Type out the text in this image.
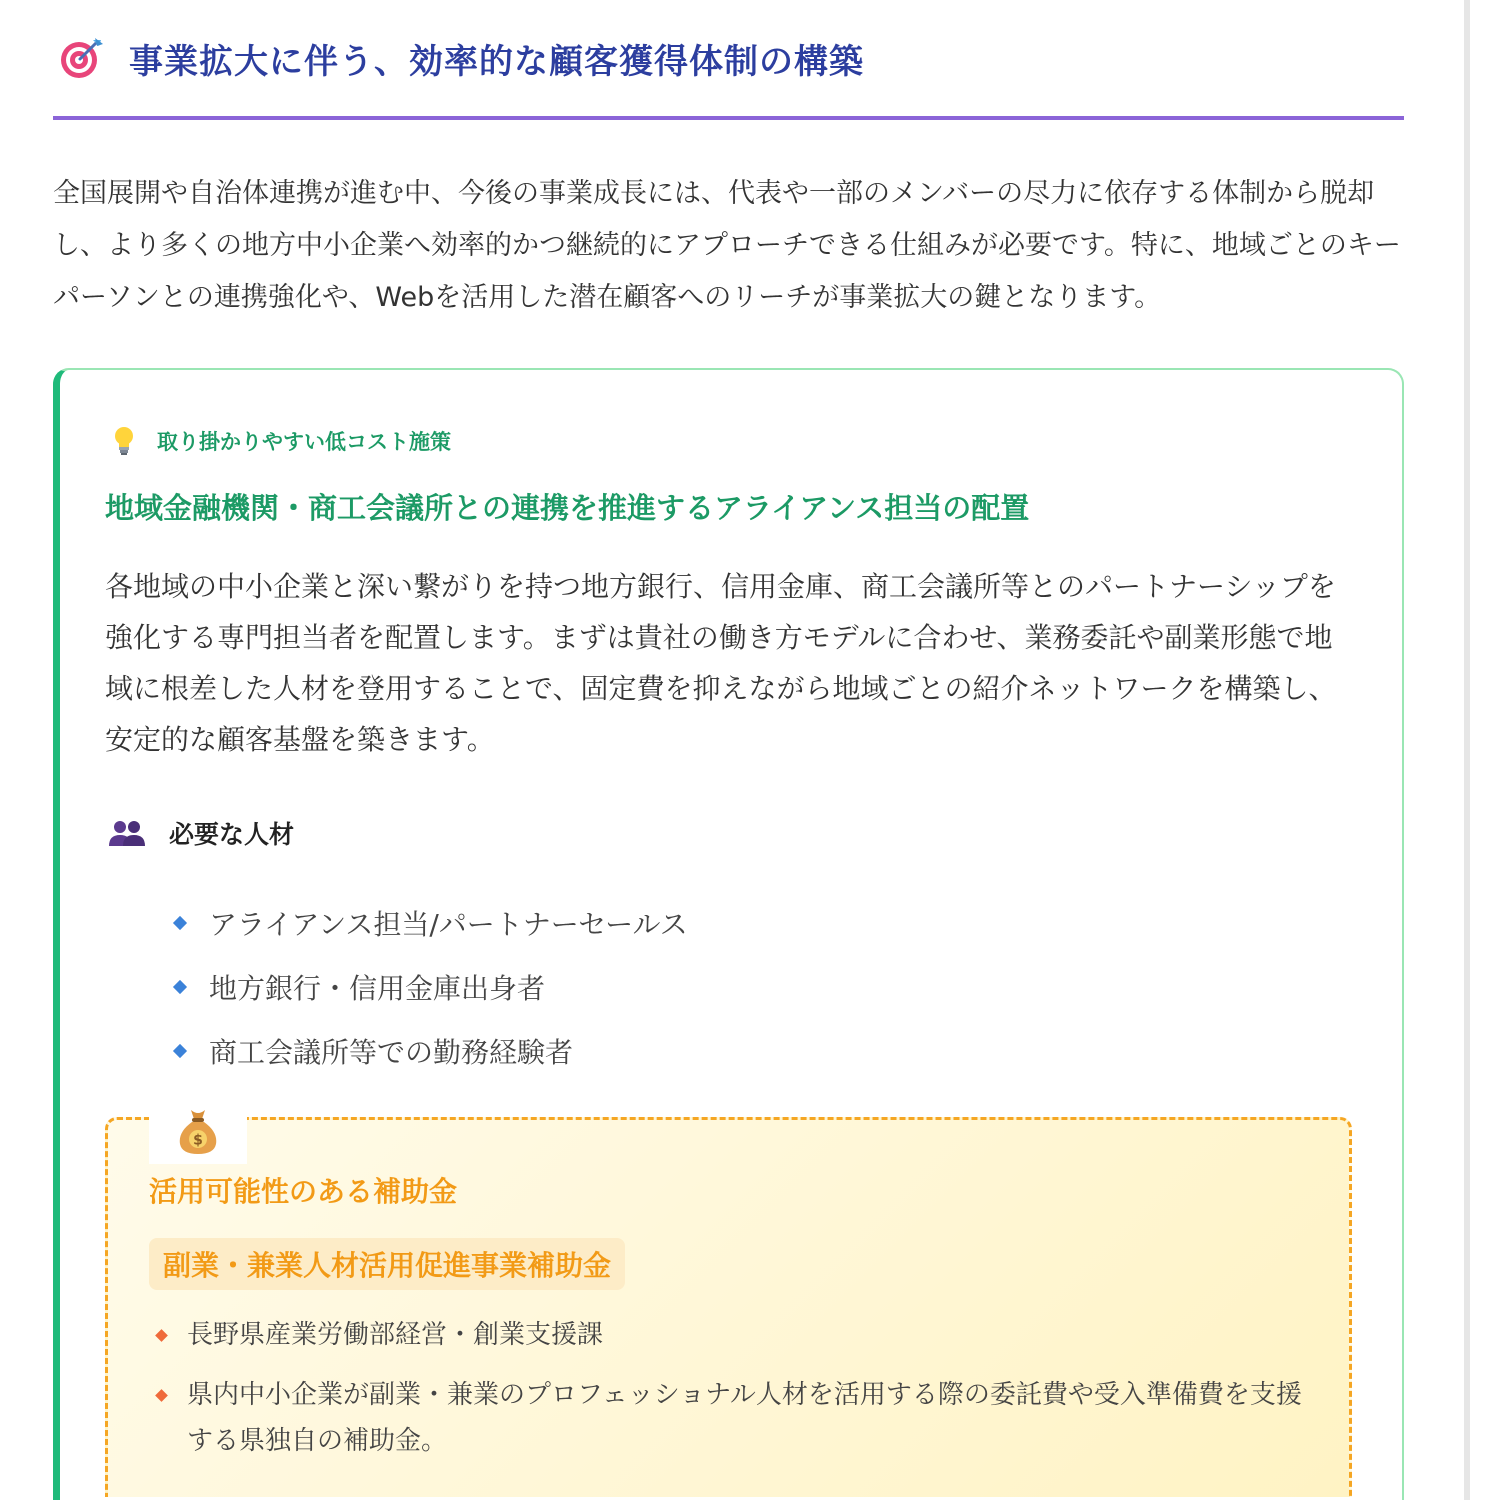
事業拡大に伴う、効率的な顧客獲得体制の構築
全国展開や自治体連携が進む中、今後の事業成長には、代表や一部のメンバーの尽力に依存する体制から脱却し、より多くの地方中小企業へ効率的かつ継続的にアプローチできる仕組みが必要です。特に、地域ごとのキーパーソンとの連携強化や、Webを活用した潜在顧客へのリーチが事業拡大の鍵となります。
取り掛かりやすい低コスト施策
地域金融機関・商工会議所との連携を推進するアライアンス担当の配置
各地域の中小企業と深い繋がりを持つ地方銀行、信用金庫、商工会議所等とのパートナーシップを強化する専門担当者を配置します。まずは貴社の働き方モデルに合わせ、業務委託や副業形態で地域に根差した人材を登用することで、固定費を抑えながら地域ごとの紹介ネットワークを構築し、安定的な顧客基盤を築きます。
必要な人材
アライアンス担当/パートナーセールス
地方銀行・信用金庫出身者
商工会議所等での勤務経験者
$
活用可能性のある補助金
副業・兼業人材活用促進事業補助金
長野県産業労働部経営・創業支援課
県内中小企業が副業・兼業のプロフェッショナル人材を活用する際の委託費や受入準備費を支援する県独自の補助金。
